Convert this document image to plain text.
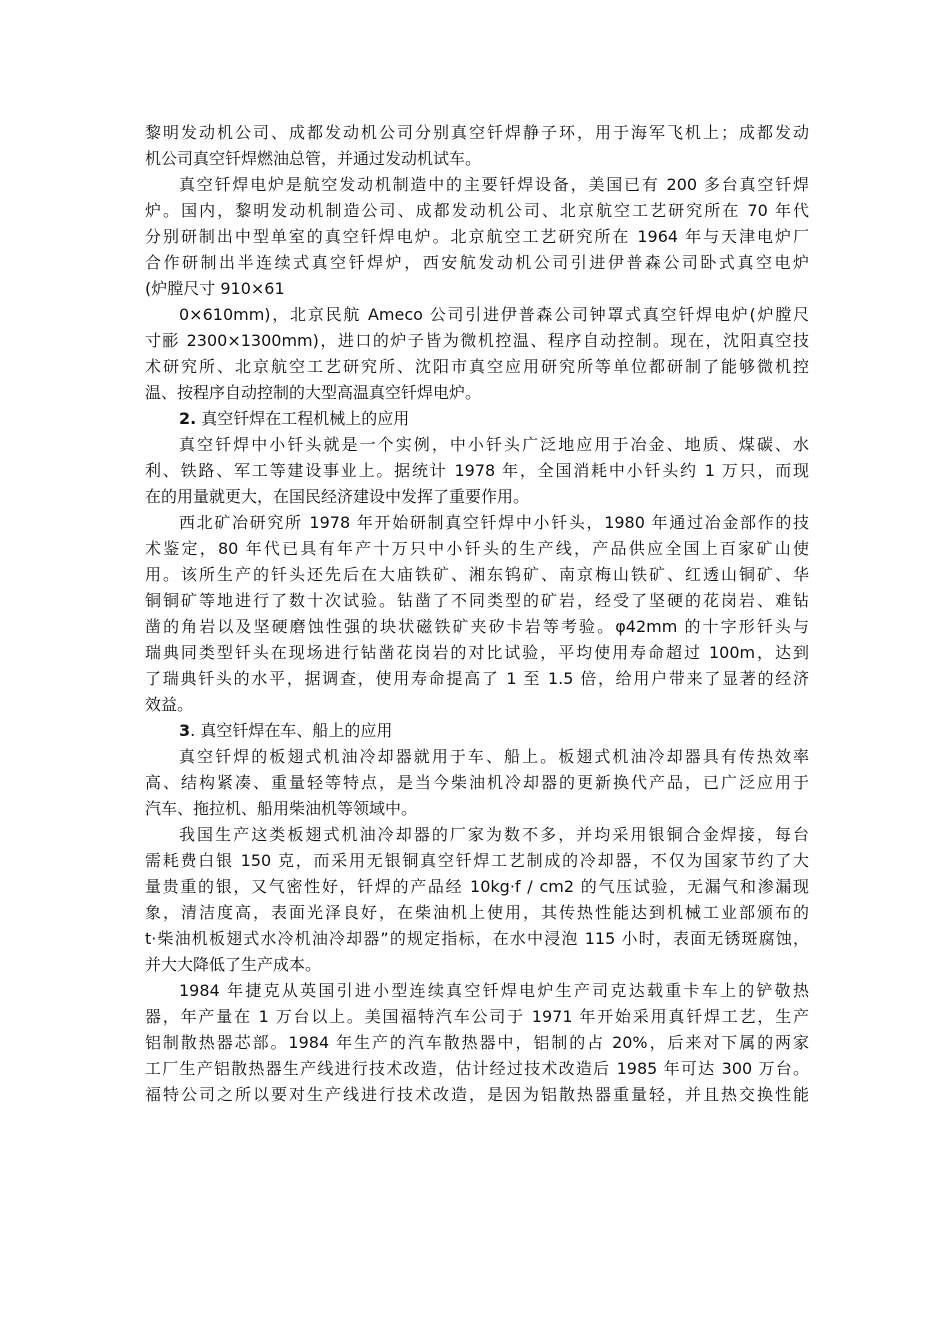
黎明发动机公司、成都发动机公司分别真空钎焊静子环，用于海军飞机上；成都发动
机公司真空钎焊燃油总管，并通过发动机试车。
真空钎焊电炉是航空发动机制造中的主要钎焊设备，美国已有 200 多台真空钎焊
炉。国内，黎明发动机制造公司、成都发动机公司、北京航空工艺研究所在 70 年代
分别研制出中型单室的真空钎焊电炉。北京航空工艺研究所在 1964 年与天津电炉厂
合作研制出半连续式真空钎焊炉，西安航发动机公司引进伊普森公司卧式真空电炉
(炉膛尺寸 910×61
0×610mm)，北京民航 Ameco 公司引进伊普森公司钟罩式真空钎焊电炉(炉膛尺
寸彨 2300×1300mm)，进口的炉子皆为微机控温、程序自动控制。现在，沈阳真空技
术研究所、北京航空工艺研究所、沈阳市真空应用研究所等单位都研制了能够微机控
温、按程序自动控制的大型高温真空钎焊电炉。
2. 真空钎焊在工程机械上的应用
真空钎焊中小钎头就是一个实例，中小钎头广泛地应用于冶金、地质、煤碳、水
利、铁路、军工等建设事业上。据统计 1978 年，全国消耗中小钎头约 1 万只，而现
在的用量就更大，在国民经济建设中发挥了重要作用。
西北矿冶研究所 1978 年开始研制真空钎焊中小钎头，1980 年通过冶金部作的技
术鉴定，80 年代已具有年产十万只中小钎头的生产线，产品供应全国上百家矿山使
用。该所生产的钎头还先后在大庙铁矿、湘东钨矿、南京梅山铁矿、红透山铜矿、华
铜铜矿等地进行了数十次试验。钻凿了不同类型的矿岩，经受了坚硬的花岗岩、难钻
凿的角岩以及坚硬磨蚀性强的块状磁铁矿夹矽卡岩等考验。φ42mm 的十字形钎头与
瑞典同类型钎头在现场进行钻凿花岗岩的对比试验，平均使用寿命超过 100m，达到
了瑞典钎头的水平，据调查，使用寿命提高了 1 至 1.5 倍，给用户带来了显著的经济
效益。
3. 真空钎焊在车、船上的应用
真空钎焊的板翅式机油冷却器就用于车、船上。板翅式机油冷却器具有传热效率
高、结构紧凑、重量轻等特点，是当今柴油机冷却器的更新换代产品，已广泛应用于
汽车、拖拉机、船用柴油机等领域中。
我国生产这类板翅式机油冷却器的厂家为数不多，并均采用银铜合金焊接，每台
需耗费白银 150 克，而采用无银铜真空钎焊工艺制成的冷却器，不仅为国家节约了大
量贵重的银，又气密性好，钎焊的产品经 10kg·f / cm2 的气压试验，无漏气和渗漏现
象，清洁度高，表面光泽良好，在柴油机上使用，其传热性能达到机械工业部颁布的
t·柴油机板翅式水冷机油冷却器”的规定指标，在水中浸泡 115 小时，表面无锈斑腐蚀，
并大大降低了生产成本。
1984 年捷克从英国引进小型连续真空钎焊电炉生产司克达载重卡车上的铲敬热
器，年产量在 1 万台以上。美国福特汽车公司于 1971 年开始采用真钎焊工艺，生产
铝制散热器芯部。1984 年生产的汽车散热器中，铝制的占 20%，后来对下属的两家
工厂生产铝散热器生产线进行技术改造，估计经过技术改造后 1985 年可达 300 万台。
福特公司之所以要对生产线进行技术改造，是因为铝散热器重量轻，并且热交换性能
